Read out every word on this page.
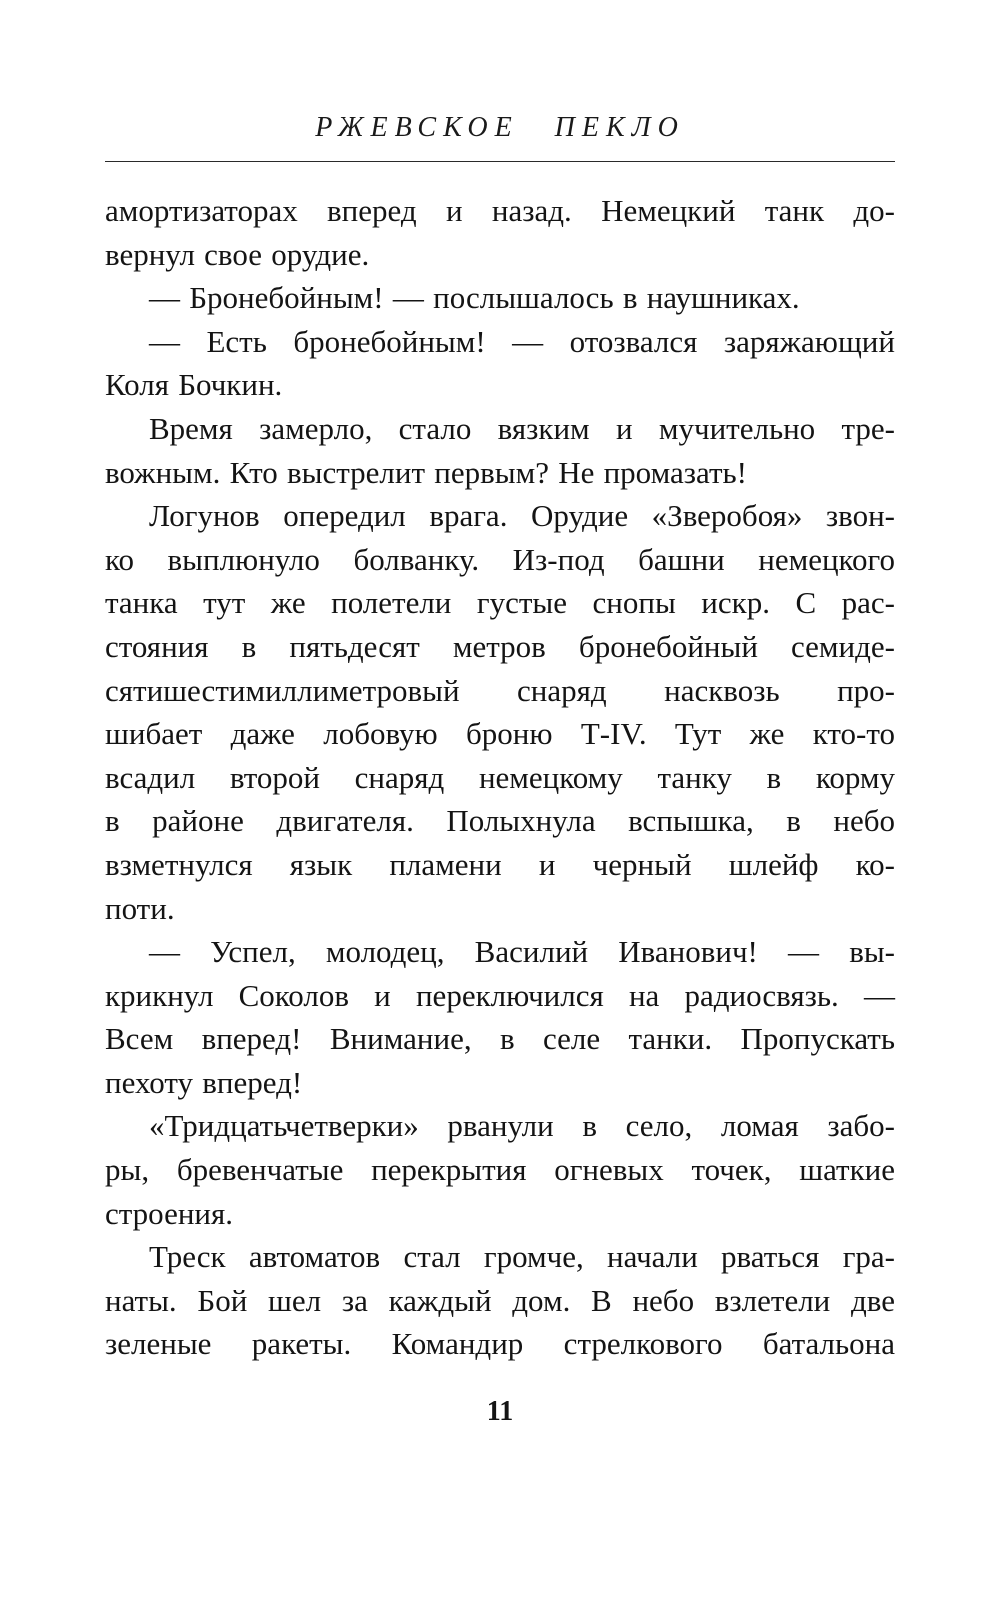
РЖЕВСКОЕ ПЕКЛО
амортизаторах вперед и назад. Немецкий танк до-
вернул свое орудие.
— Бронебойным! — послышалось в наушниках.
— Есть бронебойным! — отозвался заряжающий
Коля Бочкин.
Время замерло, стало вязким и мучительно тре-
вожным. Кто выстрелит первым? Не промазать!
Логунов опередил врага. Орудие «Зверобоя» звон-
ко выплюнуло болванку. Из-под башни немецкого
танка тут же полетели густые снопы искр. С рас-
стояния в пятьдесят метров бронебойный семиде-
сятишестимиллиметровый снаряд насквозь про-
шибает даже лобовую броню Т-IV. Тут же кто-то
всадил второй снаряд немецкому танку в корму
в районе двигателя. Полыхнула вспышка, в небо
взметнулся язык пламени и черный шлейф ко-
поти.
— Успел, молодец, Василий Иванович! — вы-
крикнул Соколов и переключился на радиосвязь. —
Всем вперед! Внимание, в селе танки. Пропускать
пехоту вперед!
«Тридцатьчетверки» рванули в село, ломая забо-
ры, бревенчатые перекрытия огневых точек, шаткие
строения.
Треск автоматов стал громче, начали рваться гра-
наты. Бой шел за каждый дом. В небо взлетели две
зеленые ракеты. Командир стрелкового батальона
11
